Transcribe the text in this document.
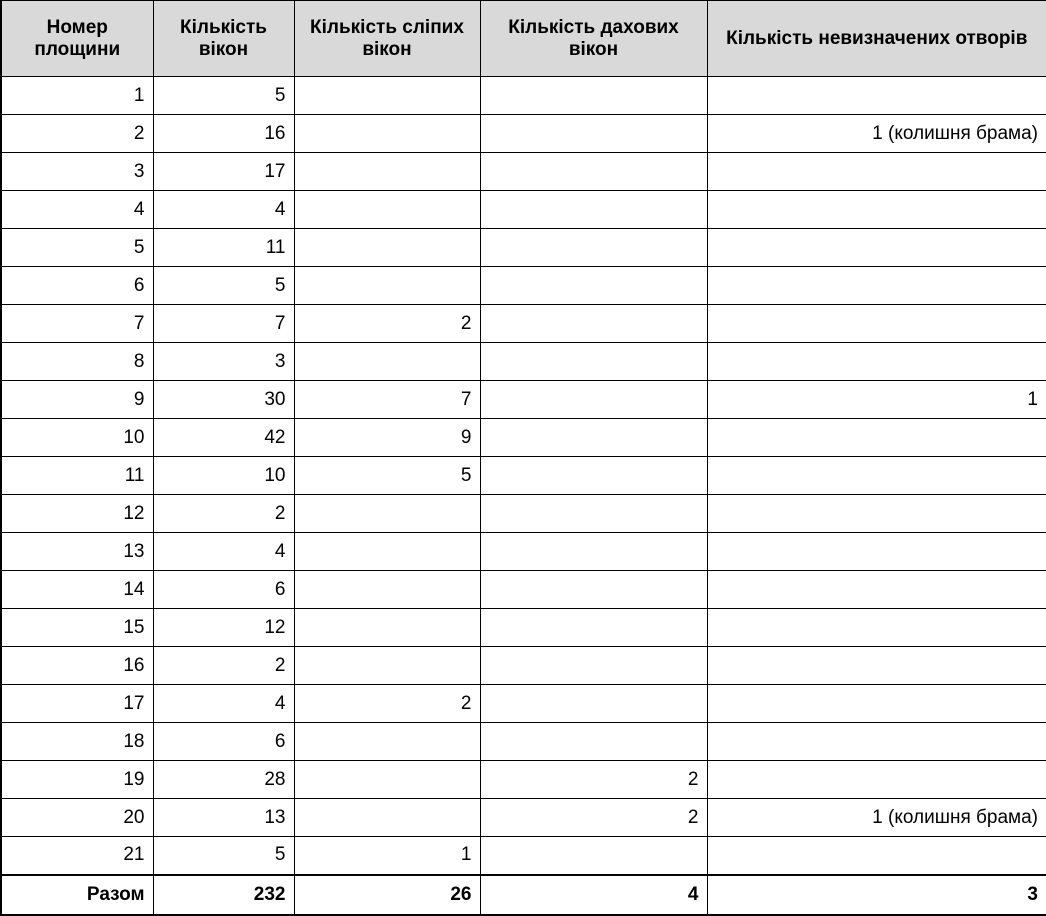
Номер площини	Кількість вікон	Кількість сліпих вікон	Кількість дахових вікон	Кількість невизначених отворів
1	5			
2	16			1 (колишня брама)
3	17			
4	4			
5	11			
6	5			
7	7	2		
8	3			
9	30	7		1
10	42	9		
11	10	5		
12	2			
13	4			
14	6			
15	12			
16	2			
17	4	2		
18	6			
19	28		2	
20	13		2	1 (колишня брама)
21	5	1		
Разом	232	26	4	3
